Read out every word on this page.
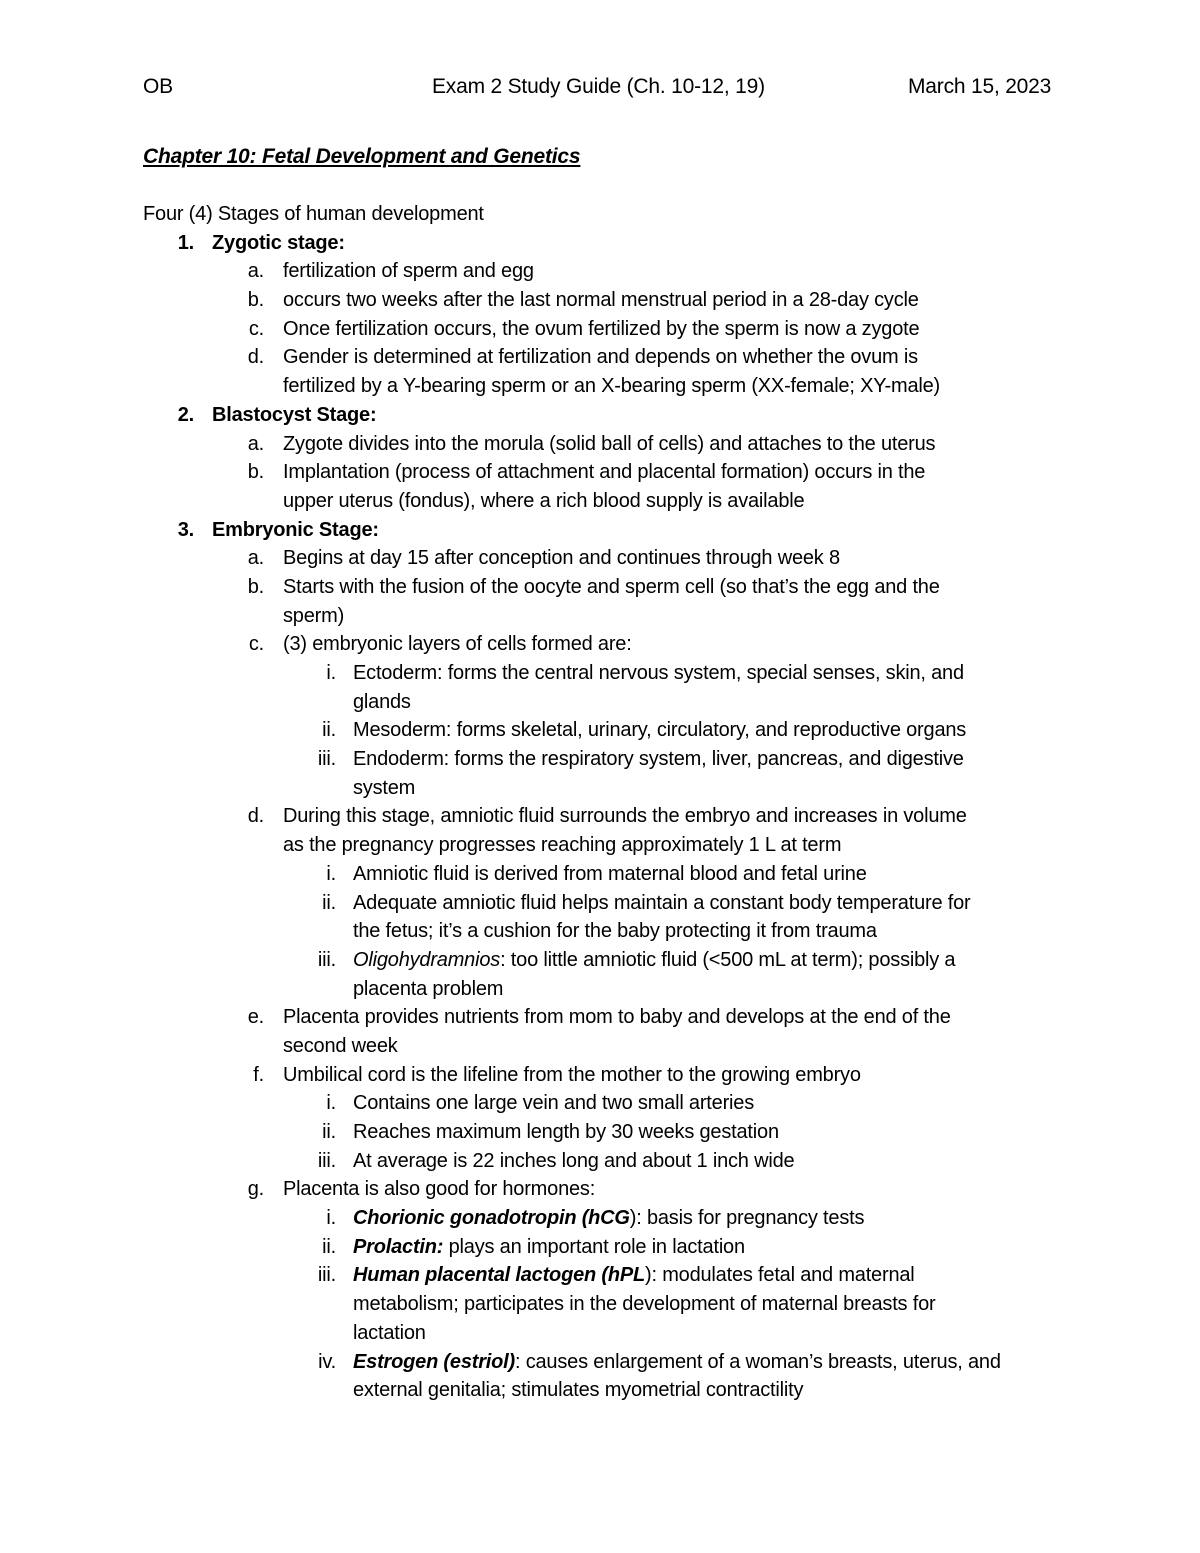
OB	Exam 2 Study Guide (Ch. 10-12, 19)	March 15, 2023
Chapter 10: Fetal Development and Genetics
Four (4) Stages of human development
1. Zygotic stage:
a. fertilization of sperm and egg
b. occurs two weeks after the last normal menstrual period in a 28-day cycle
c. Once fertilization occurs, the ovum fertilized by the sperm is now a zygote
d. Gender is determined at fertilization and depends on whether the ovum is
fertilized by a Y-bearing sperm or an X-bearing sperm (XX-female; XY-male)
2. Blastocyst Stage:
a. Zygote divides into the morula (solid ball of cells) and attaches to the uterus
b. Implantation (process of attachment and placental formation) occurs in the
upper uterus (fondus), where a rich blood supply is available
3. Embryonic Stage:
a. Begins at day 15 after conception and continues through week 8
b. Starts with the fusion of the oocyte and sperm cell (so that’s the egg and the
sperm)
c. (3) embryonic layers of cells formed are:
i. Ectoderm: forms the central nervous system, special senses, skin, and
glands
ii. Mesoderm: forms skeletal, urinary, circulatory, and reproductive organs
iii. Endoderm: forms the respiratory system, liver, pancreas, and digestive
system
d. During this stage, amniotic fluid surrounds the embryo and increases in volume
as the pregnancy progresses reaching approximately 1 L at term
i. Amniotic fluid is derived from maternal blood and fetal urine
ii. Adequate amniotic fluid helps maintain a constant body temperature for
the fetus; it’s a cushion for the baby protecting it from trauma
iii. Oligohydramnios: too little amniotic fluid (<500 mL at term); possibly a
placenta problem
e. Placenta provides nutrients from mom to baby and develops at the end of the
second week
f. Umbilical cord is the lifeline from the mother to the growing embryo
i. Contains one large vein and two small arteries
ii. Reaches maximum length by 30 weeks gestation
iii. At average is 22 inches long and about 1 inch wide
g. Placenta is also good for hormones:
i. Chorionic gonadotropin (hCG): basis for pregnancy tests
ii. Prolactin: plays an important role in lactation
iii. Human placental lactogen (hPL): modulates fetal and maternal
metabolism; participates in the development of maternal breasts for
lactation
iv. Estrogen (estriol): causes enlargement of a woman’s breasts, uterus, and
external genitalia; stimulates myometrial contractility
